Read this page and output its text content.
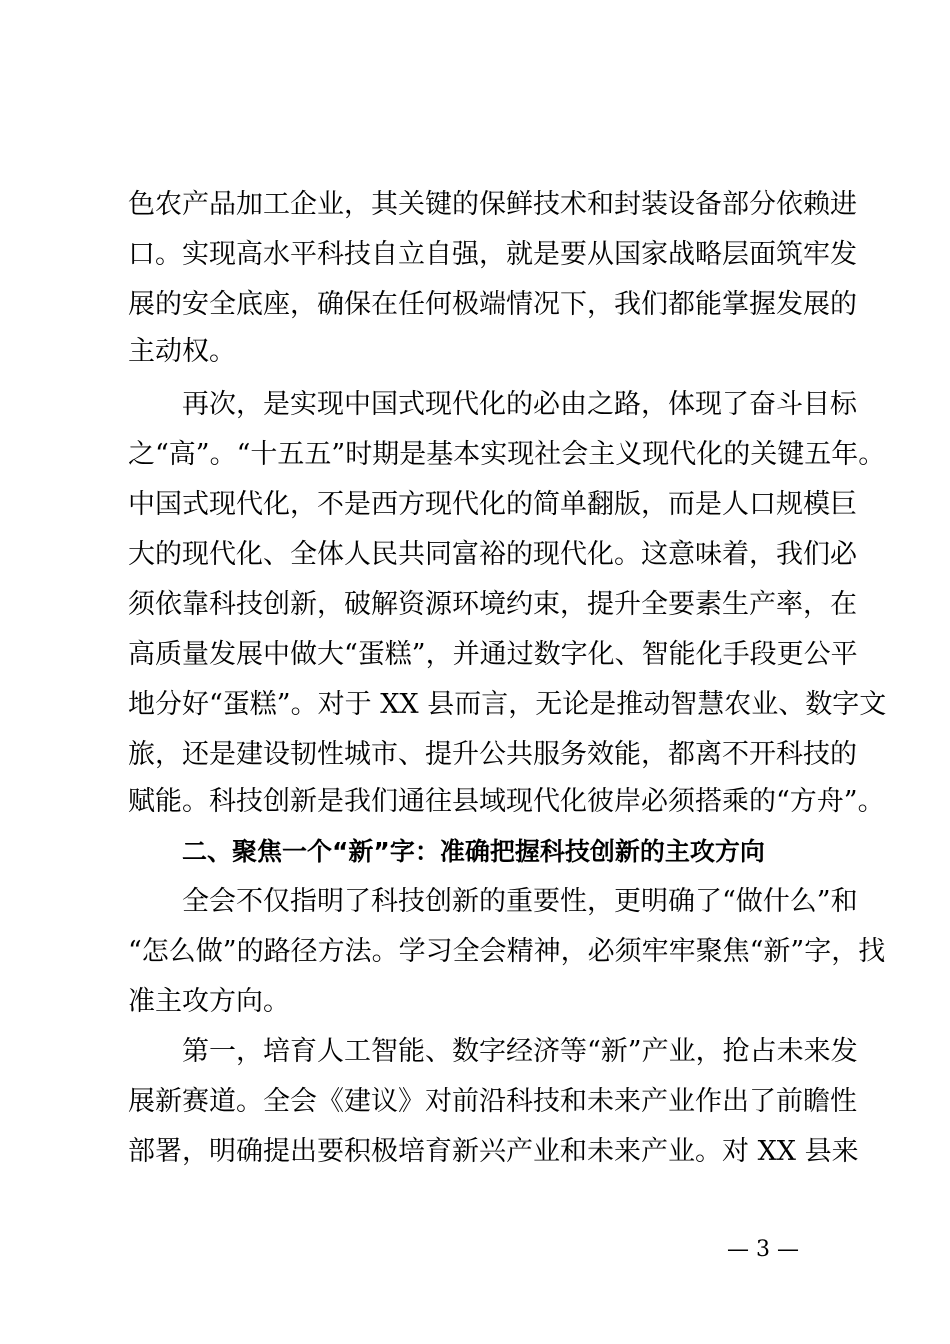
色农产品加工企业，其关键的保鲜技术和封装设备部分依赖进
口。实现高水平科技自立自强，就是要从国家战略层面筑牢发
展的安全底座，确保在任何极端情况下，我们都能掌握发展的
主动权。
再次，是实现中国式现代化的必由之路，体现了奋斗目标
之“高”。“十五五”时期是基本实现社会主义现代化的关键五年。
中国式现代化，不是西方现代化的简单翻版，而是人口规模巨
大的现代化、全体人民共同富裕的现代化。这意味着，我们必
须依靠科技创新，破解资源环境约束，提升全要素生产率，在
高质量发展中做大“蛋糕”，并通过数字化、智能化手段更公平
地分好“蛋糕”。对于 XX 县而言，无论是推动智慧农业、数字文
旅，还是建设韧性城市、提升公共服务效能，都离不开科技的
赋能。科技创新是我们通往县域现代化彼岸必须搭乘的“方舟”。
二、聚焦一个“新”字：准确把握科技创新的主攻方向
全会不仅指明了科技创新的重要性，更明确了“做什么”和
“怎么做”的路径方法。学习全会精神，必须牢牢聚焦“新”字，找
准主攻方向。
第一，培育人工智能、数字经济等“新”产业，抢占未来发
展新赛道。全会《建议》对前沿科技和未来产业作出了前瞻性
部署，明确提出要积极培育新兴产业和未来产业。对 XX 县来
— 3 —
